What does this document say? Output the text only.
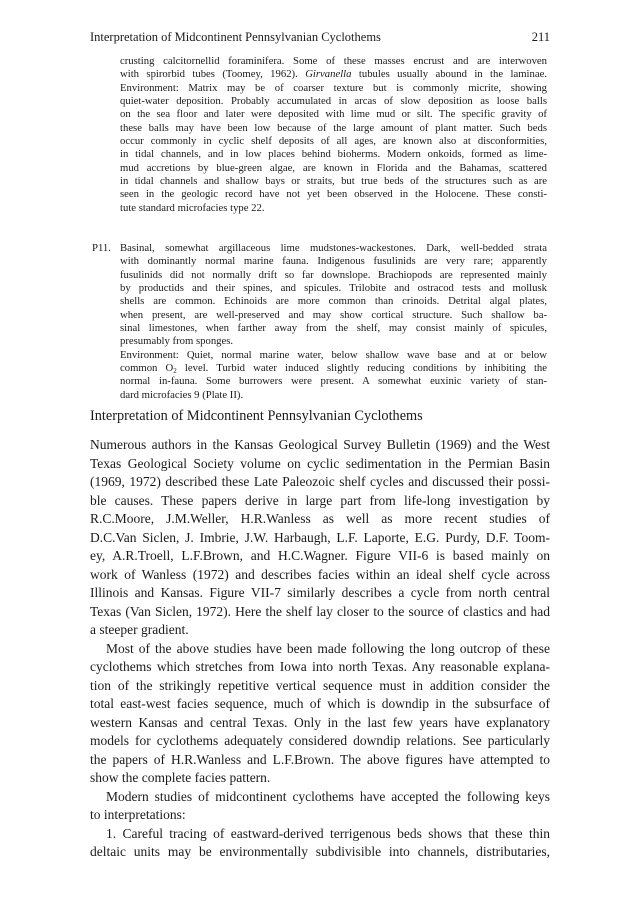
Interpretation of Midcontinent Pennsylvanian Cyclothems	211
crusting calcitornellid foraminifera. Some of these masses encrust and are interwoven
with spirorbid tubes (Toomey, 1962). Girvanella tubules usually abound in the laminae.
Environment: Matrix may be of coarser texture but is commonly micrite, showing
quiet-water deposition. Probably accumulated in arcas of slow deposition as loose balls
on the sea floor and later were deposited with lime mud or silt. The specific gravity of
these balls may have been low because of the large amount of plant matter. Such beds
occur commonly in cyclic shelf deposits of all ages, are known also at disconformities,
in tidal channels, and in low places behind bioherms. Modern onkoids, formed as lime-
mud accretions by blue-green algae, are known in Florida and the Bahamas, scattered
in tidal channels and shallow bays or straits, but true beds of the structures such as are
seen in the geologic record have not yet been observed in the Holocene. These consti-
tute standard microfacies type 22.
P11. Basinal, somewhat argillaceous lime mudstones-wackestones. Dark, well-bedded strata
with dominantly normal marine fauna. Indigenous fusulinids are very rare; apparently
fusulinids did not normally drift so far downslope. Brachiopods are represented mainly
by productids and their spines, and spicules. Trilobite and ostracod tests and mollusk
shells are common. Echinoids are more common than crinoids. Detrital algal plates,
when present, are well-preserved and may show cortical structure. Such shallow ba-
sinal limestones, when farther away from the shelf, may consist mainly of spicules,
presumably from sponges.
Environment: Quiet, normal marine water, below shallow wave base and at or below
common $O_2$ level. Turbid water induced slightly reducing conditions by inhibiting the
normal in-fauna. Some burrowers were present. A somewhat euxinic variety of stan-
dard microfacies 9 (Plate II).
Interpretation of Midcontinent Pennsylvanian Cyclothems
Numerous authors in the Kansas Geological Survey Bulletin (1969) and the West
Texas Geological Society volume on cyclic sedimentation in the Permian Basin
(1969, 1972) described these Late Paleozoic shelf cycles and discussed their possi-
ble causes. These papers derive in large part from life-long investigation by
R.C.Moore, J.M.Weller, H.R.Wanless as well as more recent studies of
D.C.Van Siclen, J. Imbrie, J.W. Harbaugh, L.F. Laporte, E.G. Purdy, D.F. Toom-
ey, A.R.Troell, L.F.Brown, and H.C.Wagner. Figure VII-6 is based mainly on
work of Wanless (1972) and describes facies within an ideal shelf cycle across
Illinois and Kansas. Figure VII-7 similarly describes a cycle from north central
Texas (Van Siclen, 1972). Here the shelf lay closer to the source of clastics and had
a steeper gradient.
Most of the above studies have been made following the long outcrop of these
cyclothems which stretches from Iowa into north Texas. Any reasonable explana-
tion of the strikingly repetitive vertical sequence must in addition consider the
total east-west facies sequence, much of which is downdip in the subsurface of
western Kansas and central Texas. Only in the last few years have explanatory
models for cyclothems adequately considered downdip relations. See particularly
the papers of H.R.Wanless and L.F.Brown. The above figures have attempted to
show the complete facies pattern.
Modern studies of midcontinent cyclothems have accepted the following keys
to interpretations:
1. Careful tracing of eastward-derived terrigenous beds shows that these thin
deltaic units may be environmentally subdivisible into channels, distributaries,
